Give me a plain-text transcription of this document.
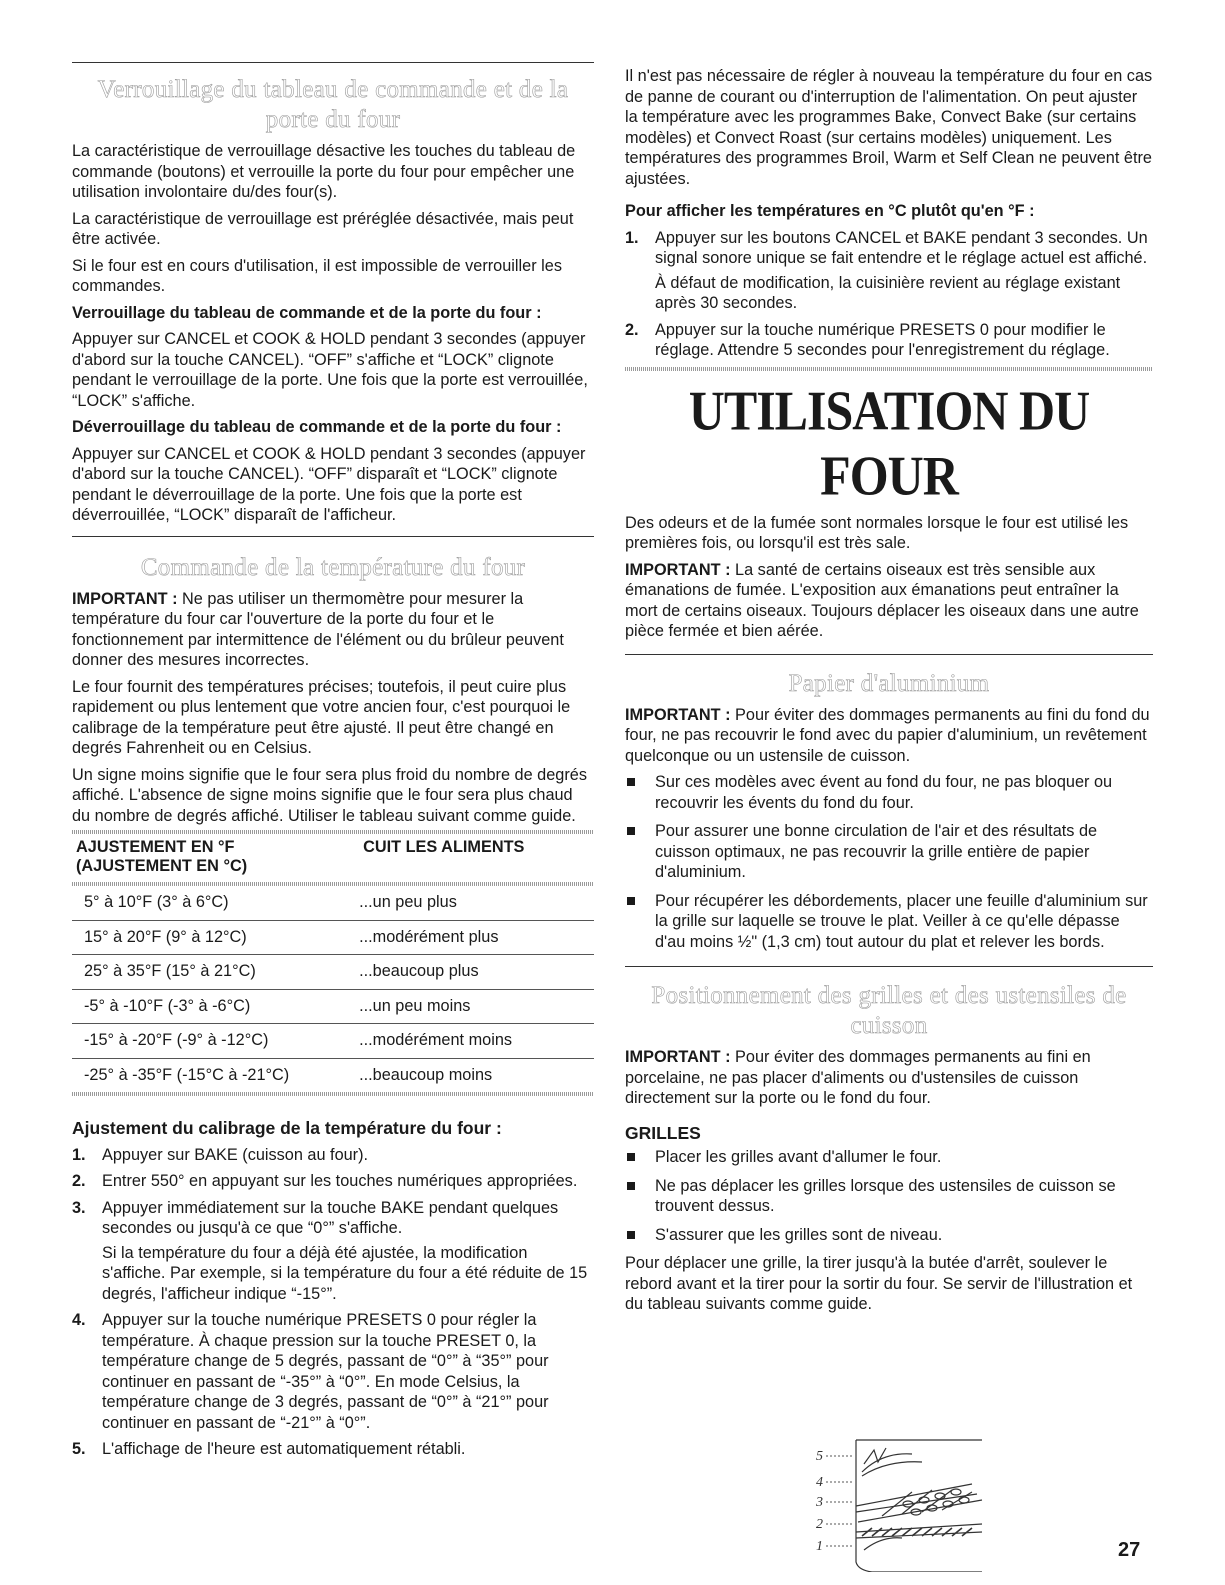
Verrouillage du tableau de commande et de la porte du four

La caractéristique de verrouillage désactive les touches du tableau de commande (boutons) et verrouille la porte du four pour empêcher une utilisation involontaire du/des four(s).

La caractéristique de verrouillage est préréglée désactivée, mais peut être activée.

Si le four est en cours d'utilisation, il est impossible de verrouiller les commandes.

Verrouillage du tableau de commande et de la porte du four :

Appuyer sur CANCEL et COOK & HOLD pendant 3 secondes (appuyer d'abord sur la touche CANCEL). “OFF” s'affiche et “LOCK” clignote pendant le verrouillage de la porte. Une fois que la porte est verrouillée, “LOCK” s'affiche.

Déverrouillage du tableau de commande et de la porte du four :

Appuyer sur CANCEL et COOK & HOLD pendant 3 secondes (appuyer d'abord sur la touche CANCEL). “OFF” disparaît et “LOCK” clignote pendant le déverrouillage de la porte. Une fois que la porte est déverrouillée, “LOCK” disparaît de l'afficheur.

Commande de la température du four

IMPORTANT : Ne pas utiliser un thermomètre pour mesurer la température du four car l'ouverture de la porte du four et le fonctionnement par intermittence de l'élément ou du brûleur peuvent donner des mesures incorrectes.

Le four fournit des températures précises; toutefois, il peut cuire plus rapidement ou plus lentement que votre ancien four, c'est pourquoi le calibrage de la température peut être ajusté. Il peut être changé en degrés Fahrenheit ou en Celsius.

Un signe moins signifie que le four sera plus froid du nombre de degrés affiché. L'absence de signe moins signifie que le four sera plus chaud du nombre de degrés affiché. Utiliser le tableau suivant comme guide.

AJUSTEMENT EN °F
(AJUSTEMENT EN °C)	CUIT LES ALIMENTS

5° à 10°F (3° à 6°C)	...un peu plus
15° à 20°F (9° à 12°C)	...modérément plus
25° à 35°F (15° à 21°C)	...beaucoup plus
-5° à -10°F (-3° à -6°C)	...un peu moins
-15° à -20°F (-9° à -12°C)	...modérément moins
-25° à -35°F (-15°C à -21°C)	...beaucoup moins

Ajustement du calibrage de la température du four :

1. Appuyer sur BAKE (cuisson au four).
2. Entrer 550° en appuyant sur les touches numériques appropriées.
3. Appuyer immédiatement sur la touche BAKE pendant quelques secondes ou jusqu'à ce que “0°” s'affiche.

Si la température du four a déjà été ajustée, la modification s'affiche. Par exemple, si la température du four a été réduite de 15 degrés, l'afficheur indique “-15°”.

4. Appuyer sur la touche numérique PRESETS 0 pour régler la température. À chaque pression sur la touche PRESET 0, la température change de 5 degrés, passant de “0°” à “35°” pour continuer en passant de “-35°” à “0°”. En mode Celsius, la température change de 3 degrés, passant de “0°” à “21°” pour continuer en passant de “-21°” à “0°”.
5. L'affichage de l'heure est automatiquement rétabli.

Il n'est pas nécessaire de régler à nouveau la température du four en cas de panne de courant ou d'interruption de l'alimentation. On peut ajuster la température avec les programmes Bake, Convect Bake (sur certains modèles) et Convect Roast (sur certains modèles) uniquement. Les températures des programmes Broil, Warm et Self Clean ne peuvent être ajustées.

Pour afficher les températures en °C plutôt qu'en °F :

1. Appuyer sur les boutons CANCEL et BAKE pendant 3 secondes. Un signal sonore unique se fait entendre et le réglage actuel est affiché.

À défaut de modification, la cuisinière revient au réglage existant après 30 secondes.

2. Appuyer sur la touche numérique PRESETS 0 pour modifier le réglage. Attendre 5 secondes pour l'enregistrement du réglage.
UTILISATION DU FOUR

Des odeurs et de la fumée sont normales lorsque le four est utilisé les premières fois, ou lorsqu'il est très sale.

IMPORTANT : La santé de certains oiseaux est très sensible aux émanations de fumée. L'exposition aux émanations peut entraîner la mort de certains oiseaux. Toujours déplacer les oiseaux dans une autre pièce fermée et bien aérée.

Papier d'aluminium

IMPORTANT : Pour éviter des dommages permanents au fini du fond du four, ne pas recouvrir le fond avec du papier d'aluminium, un revêtement quelconque ou un ustensile de cuisson.

Sur ces modèles avec évent au fond du four, ne pas bloquer ou recouvrir les évents du fond du four.
Pour assurer une bonne circulation de l'air et des résultats de cuisson optimaux, ne pas recouvrir la grille entière de papier d'aluminium.
Pour récupérer les débordements, placer une feuille d'aluminium sur la grille sur laquelle se trouve le plat. Veiller à ce qu'elle dépasse d'au moins ½" (1,3 cm) tout autour du plat et relever les bords.
Positionnement des grilles et des ustensiles de cuisson

IMPORTANT : Pour éviter des dommages permanents au fini en porcelaine, ne pas placer d'aliments ou d'ustensiles de cuisson directement sur la porte ou le fond du four.

GRILLES

Placer les grilles avant d'allumer le four.
Ne pas déplacer les grilles lorsque des ustensiles de cuisson se trouvent dessus.
S'assurer que les grilles sont de niveau.

Pour déplacer une grille, la tirer jusqu'à la butée d'arrêt, soulever le rebord avant et la tirer pour la sortir du four. Se servir de l'illustration et du tableau suivants comme guide.

5
4
3
2
1	27
